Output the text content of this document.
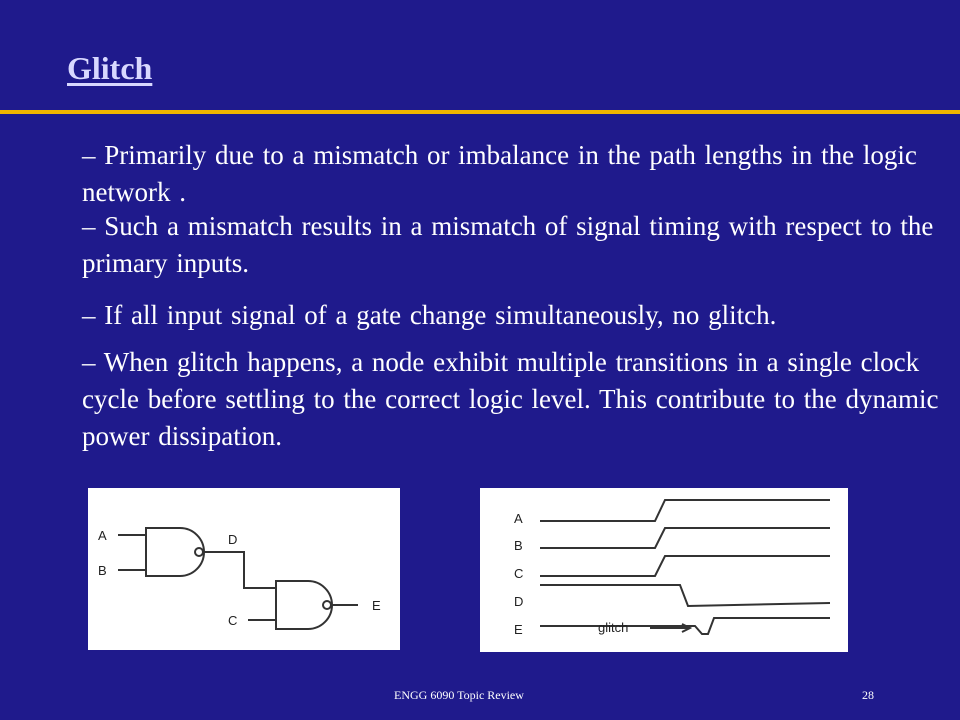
Glitch
– Primarily due to a mismatch or imbalance in the path lengths in the logic network .
– Such a mismatch results in a mismatch of signal timing with respect to the primary inputs.
– If all input signal of a gate change simultaneously, no glitch.
– When glitch happens, a node exhibit multiple transitions in a single clock cycle before settling to the correct logic level. This contribute to the dynamic power dissipation.
A
B
D
C
E
A
B
C
D
E	glitch
ENGG 6090 Topic Review	28
